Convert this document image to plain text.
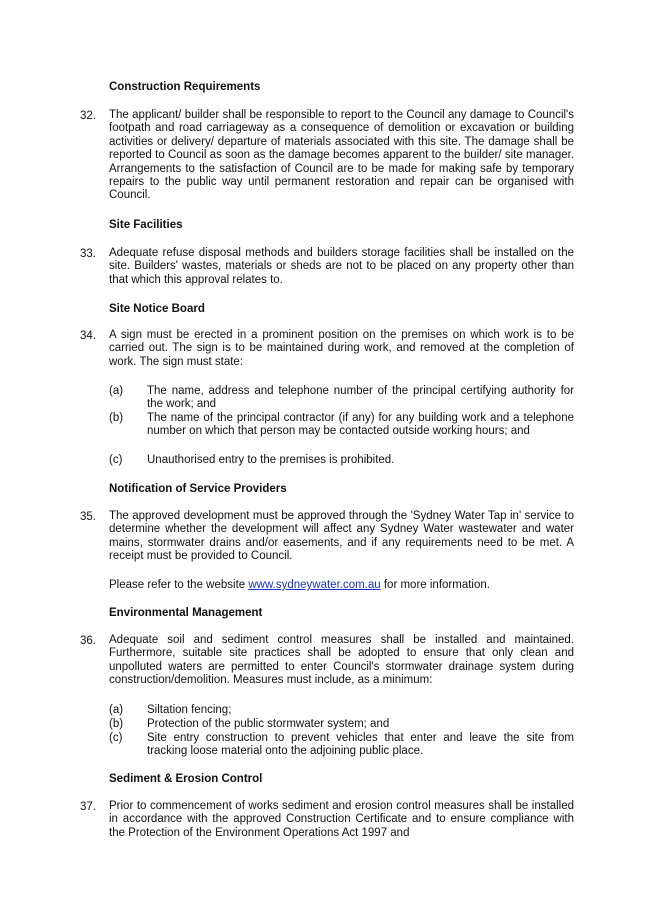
Construction Requirements
32. The applicant/ builder shall be responsible to report to the Council any damage to Council's footpath and road carriageway as a consequence of demolition or excavation or building activities or delivery/ departure of materials associated with this site. The damage shall be reported to Council as soon as the damage becomes apparent to the builder/ site manager. Arrangements to the satisfaction of Council are to be made for making safe by temporary repairs to the public way until permanent restoration and repair can be organised with Council.
Site Facilities
33. Adequate refuse disposal methods and builders storage facilities shall be installed on the site. Builders' wastes, materials or sheds are not to be placed on any property other than that which this approval relates to.
Site Notice Board
34. A sign must be erected in a prominent position on the premises on which work is to be carried out. The sign is to be maintained during work, and removed at the completion of work. The sign must state:
(a) The name, address and telephone number of the principal certifying authority for the work; and
(b) The name of the principal contractor (if any) for any building work and a telephone number on which that person may be contacted outside working hours; and
(c) Unauthorised entry to the premises is prohibited.
Notification of Service Providers
35. The approved development must be approved through the 'Sydney Water Tap in' service to determine whether the development will affect any Sydney Water wastewater and water mains, stormwater drains and/or easements, and if any requirements need to be met. A receipt must be provided to Council.
Please refer to the website www.sydneywater.com.au for more information.
Environmental Management
36. Adequate soil and sediment control measures shall be installed and maintained. Furthermore, suitable site practices shall be adopted to ensure that only clean and unpolluted waters are permitted to enter Council's stormwater drainage system during construction/demolition. Measures must include, as a minimum:
(a) Siltation fencing;
(b) Protection of the public stormwater system; and
(c) Site entry construction to prevent vehicles that enter and leave the site from tracking loose material onto the adjoining public place.
Sediment & Erosion Control
37. Prior to commencement of works sediment and erosion control measures shall be installed in accordance with the approved Construction Certificate and to ensure compliance with the Protection of the Environment Operations Act 1997 and
